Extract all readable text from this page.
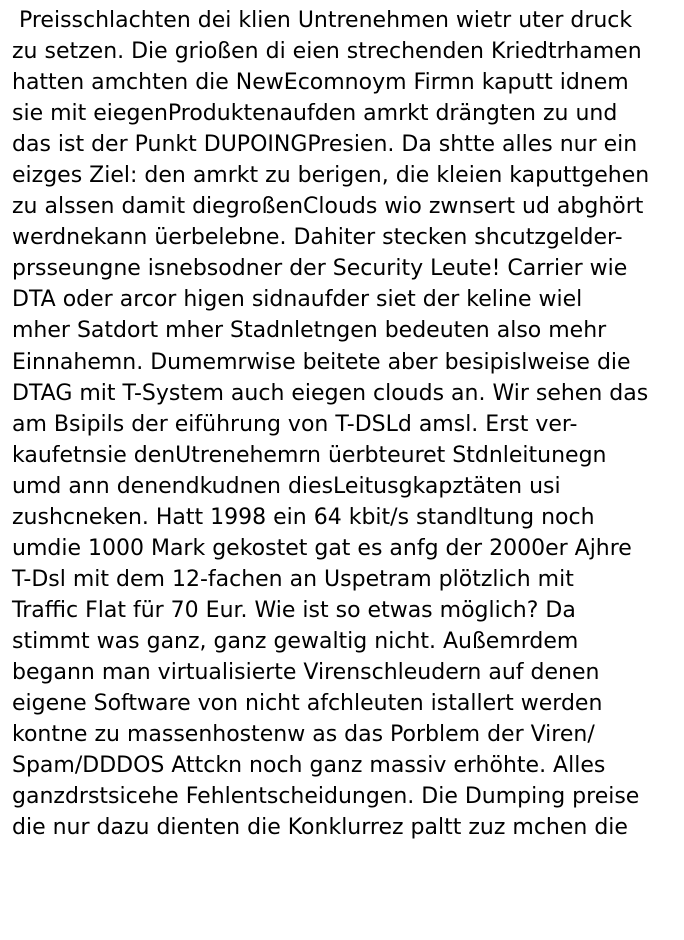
Preisschlachten dei klien Untrenehmen wietr uter druck
zu setzen. Die grioßen di eien strechenden Kriedtrhamen
hatten amchten die NewEcomnoym Firmn kaputt idnem
sie mit eiegenProduktenaufden amrkt drängten zu und
das ist der Punkt DUPOINGPresien. Da shtte alles nur ein
eizges Ziel: den amrkt zu berigen, die kleien kaputtgehen
zu alssen damit diegroßenClouds wio zwnsert ud abghört
werdnekann üerbelebne. Dahiter stecken shcutzgelder-
prsseungne isnebsodner der Security Leute! Carrier wie
DTA oder arcor higen sidnaufder siet der keline wiel
mher Satdort mher Stadnletngen bedeuten also mehr
Einnahemn. Dumemrwise beitete aber besipislweise die
DTAG mit T-System auch eiegen clouds an. Wir sehen das
am Bsipils der eiführung von T-DSLd amsl. Erst ver-
kaufetnsie denUtrenehemrn üerbteuret Stdnleitunegn
umd ann denendkudnen diesLeitusgkapztäten usi
zushcneken. Hatt 1998 ein 64 kbit/s standltung noch
umdie 1000 Mark gekostet gat es anfg der 2000er Ajhre
T-Dsl mit dem 12-fachen an Uspetram plötzlich mit
Traffic Flat für 70 Eur. Wie ist so etwas möglich? Da
stimmt was ganz, ganz gewaltig nicht. Außemrdem
begann man virtualisierte Virenschleudern auf denen
eigene Software von nicht afchleuten istallert werden
kontne zu massenhostenw as das Porblem der Viren/
Spam/DDDOS Attckn noch ganz massiv erhöhte. Alles
ganzdrstsicehe Fehlentscheidungen. Die Dumping preise
die nur dazu dienten die Konklurrez paltt zuz mchen die
